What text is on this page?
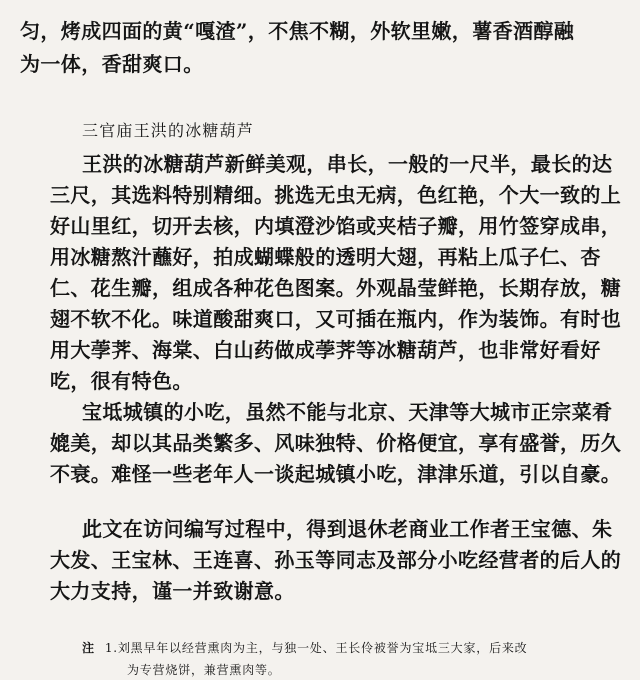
匀，烤成四面的黄“嘎渣”，不焦不糊，外软里嫩，薯香酒醇融
为一体，香甜爽口。
三官庙王洪的冰糖葫芦
王洪的冰糖葫芦新鲜美观，串长，一般的一尺半，最长的达
三尺，其选料特别精细。挑选无虫无病，色红艳，个大一致的上
好山里红，切开去核，内填澄沙馅或夹桔子瓣，用竹签穿成串，
用冰糖熬汁蘸好，拍成蝴蝶般的透明大翅，再粘上瓜子仁、杏
仁、花生瓣，组成各种花色图案。外观晶莹鲜艳，长期存放，糖
翅不软不化。味道酸甜爽口，又可插在瓶内，作为装饰。有时也
用大荸荠、海棠、白山药做成荸荠等冰糖葫芦，也非常好看好
吃，很有特色。
宝坻城镇的小吃，虽然不能与北京、天津等大城市正宗菜肴
媲美，却以其品类繁多、风味独特、价格便宜，享有盛誉，历久
不衰。难怪一些老年人一谈起城镇小吃，津津乐道，引以自豪。
此文在访问编写过程中，得到退休老商业工作者王宝德、朱
大发、王宝林、王连喜、孙玉等同志及部分小吃经营者的后人的
大力支持，谨一并致谢意。
注 1.刘黑早年以经营熏肉为主，与独一处、王长伶被誉为宝坻三大家，后来改
为专营烧饼，兼营熏肉等。
